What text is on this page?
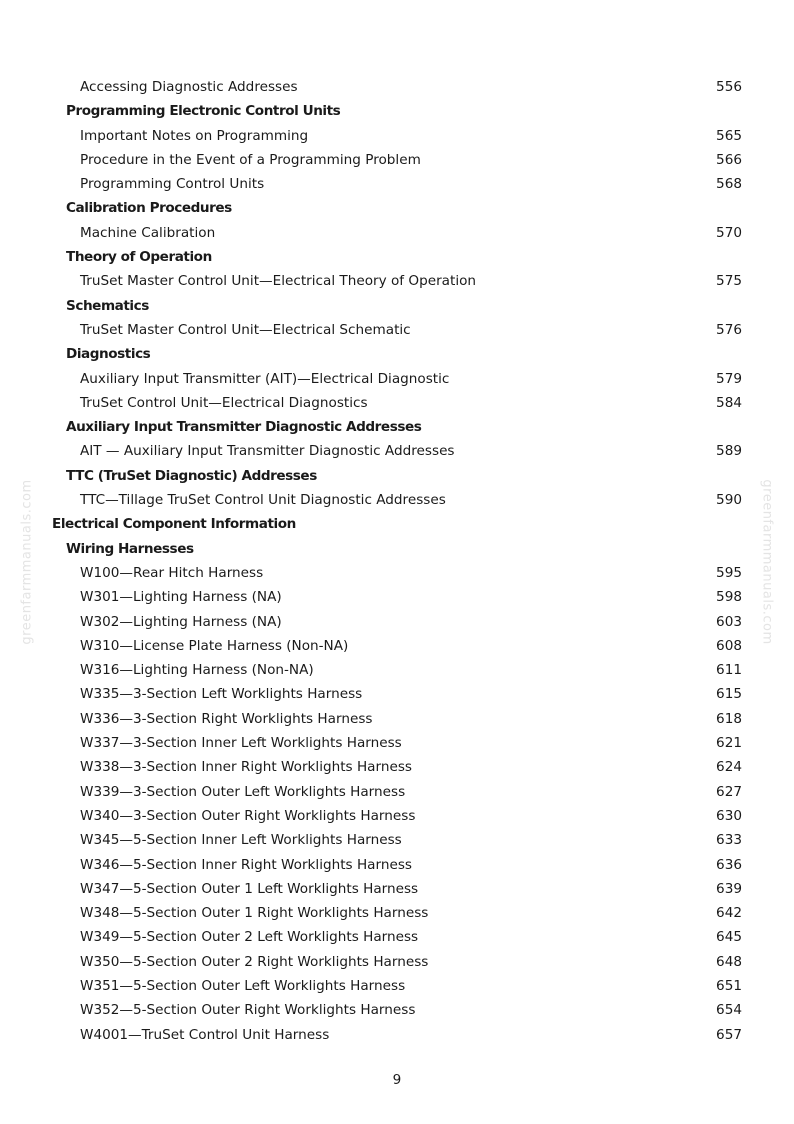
greenfarmmanuals.com	greenfarmmanuals.com
Accessing Diagnostic Addresses	556
Programming Electronic Control Units
Important Notes on Programming	565
Procedure in the Event of a Programming Problem	566
Programming Control Units	568
Calibration Procedures
Machine Calibration	570
Theory of Operation
TruSet Master Control Unit—Electrical Theory of Operation	575
Schematics
TruSet Master Control Unit—Electrical Schematic	576
Diagnostics
Auxiliary Input Transmitter (AIT)—Electrical Diagnostic	579
TruSet Control Unit—Electrical Diagnostics	584
Auxiliary Input Transmitter Diagnostic Addresses
AIT — Auxiliary Input Transmitter Diagnostic Addresses	589
TTC (TruSet Diagnostic) Addresses
TTC—Tillage TruSet Control Unit Diagnostic Addresses	590
Electrical Component Information
Wiring Harnesses
W100—Rear Hitch Harness	595
W301—Lighting Harness (NA)	598
W302—Lighting Harness (NA)	603
W310—License Plate Harness (Non-NA)	608
W316—Lighting Harness (Non-NA)	611
W335—3-Section Left Worklights Harness	615
W336—3-Section Right Worklights Harness	618
W337—3-Section Inner Left Worklights Harness	621
W338—3-Section Inner Right Worklights Harness	624
W339—3-Section Outer Left Worklights Harness	627
W340—3-Section Outer Right Worklights Harness	630
W345—5-Section Inner Left Worklights Harness	633
W346—5-Section Inner Right Worklights Harness	636
W347—5-Section Outer 1 Left Worklights Harness	639
W348—5-Section Outer 1 Right Worklights Harness	642
W349—5-Section Outer 2 Left Worklights Harness	645
W350—5-Section Outer 2 Right Worklights Harness	648
W351—5-Section Outer Left Worklights Harness	651
W352—5-Section Outer Right Worklights Harness	654
W4001—TruSet Control Unit Harness	657
9
